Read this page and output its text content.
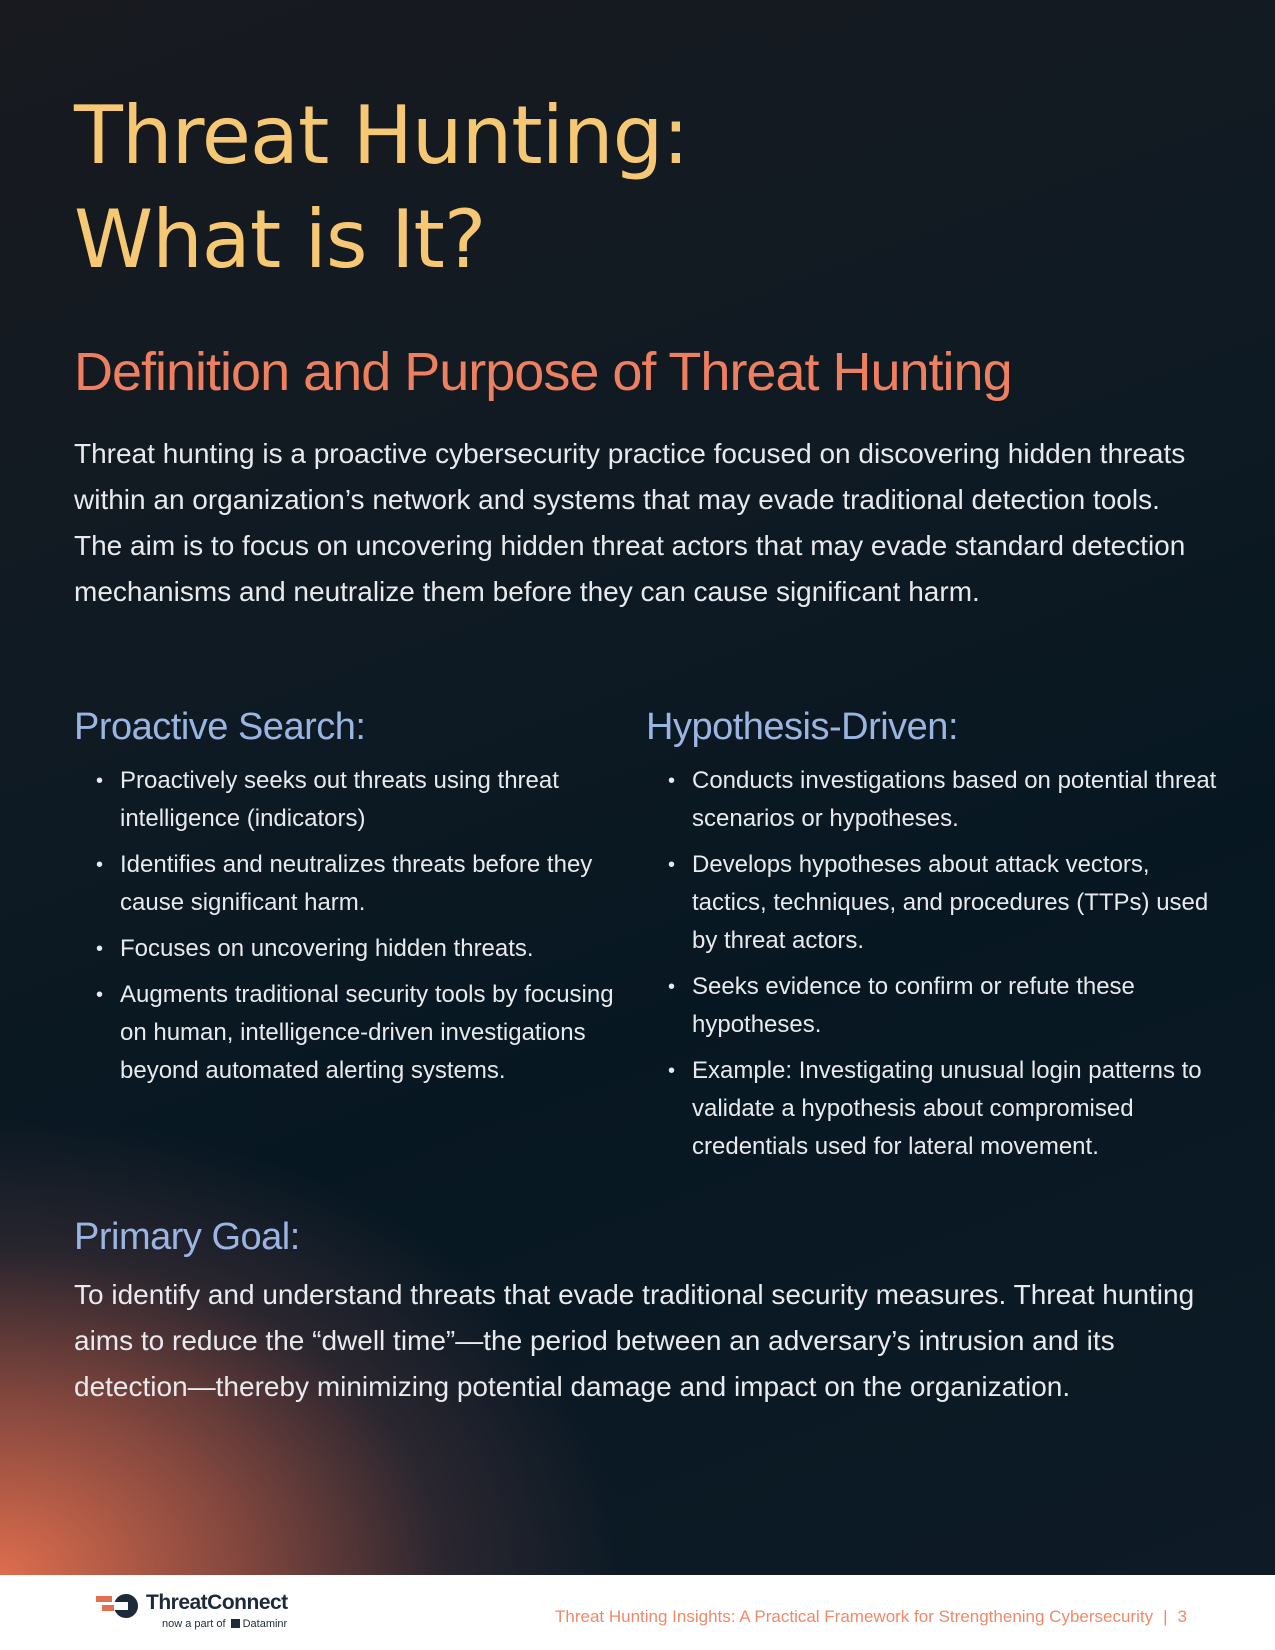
Threat Hunting:
What is It?
Definition and Purpose of Threat Hunting

Threat hunting is a proactive cybersecurity practice focused on discovering hidden threats within an organization’s network and systems that may evade traditional detection tools. The aim is to focus on uncovering hidden threat actors that may evade standard detection mechanisms and neutralize them before they can cause significant harm.

Proactive Search:
• Proactively seeks out threats using threat intelligence (indicators)
• Identifies and neutralizes threats before they cause significant harm.
• Focuses on uncovering hidden threats.
• Augments traditional security tools by focusing on human, intelligence-driven investigations beyond automated alerting systems.
Hypothesis-Driven:
• Conducts investigations based on potential threat scenarios or hypotheses.
• Develops hypotheses about attack vectors, tactics, techniques, and procedures (TTPs) used by threat actors.
• Seeks evidence to confirm or refute these hypotheses.
• Example: Investigating unusual login patterns to validate a hypothesis about compromised credentials used for lateral movement.
Primary Goal:

To identify and understand threats that evade traditional security measures. Threat hunting aims to reduce the “dwell time”—the period between an adversary’s intrusion and its detection—thereby minimizing potential damage and impact on the organization.

ThreatConnect
now a part of Dataminr	Threat Hunting Insights: A Practical Framework for Strengthening Cybersecurity | 3
